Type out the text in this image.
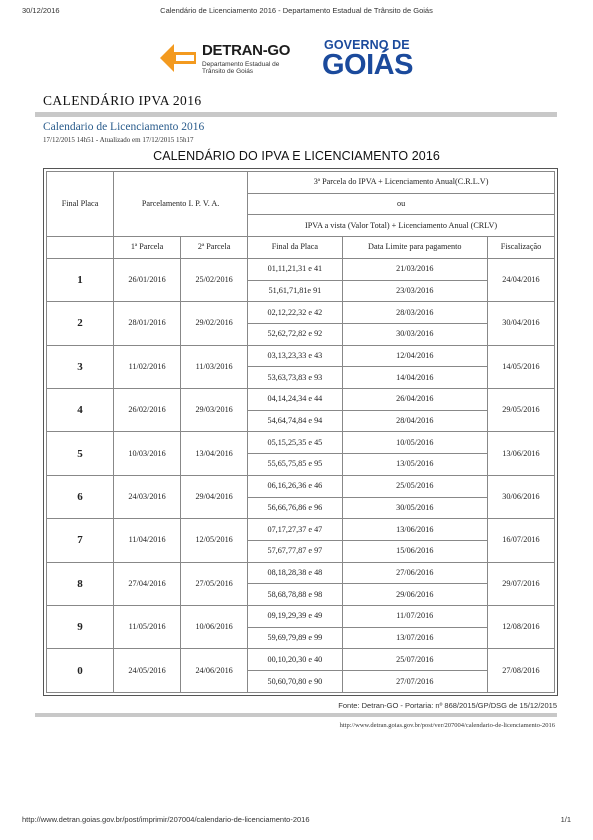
30/12/2016	Calendário de Licenciamento 2016 - Departamento Estadual de Trânsito de Goiás
DETRAN-GO
Departamento Estadual de
Trânsito de Goiás
GOVERNO DE
GOIÁS
CALENDÁRIO IPVA 2016
Calendario de Licenciamento 2016
17/12/2015 14h51 - Atualizado em 17/12/2015 15h17
CALENDÁRIO DO IPVA E LICENCIAMENTO 2016
Final Placa	Parcelamento I. P. V. A.		3ª Parcela do IPVA + Licenciamento Anual(C.R.L.V)		
			ou		
			IPVA a vista (Valor Total) + Licenciamento Anual (CRLV)		
	1ª Parcela	2ª Parcela	Final da Placa	Data Limite para pagamento	Fiscalização
1	26/01/2016	25/02/2016	01,11,21,31 e 41	21/03/2016	24/04/2016
			51,61,71,81e 91	23/03/2016	
2	28/01/2016	29/02/2016	02,12,22,32 e 42	28/03/2016	30/04/2016
			52,62,72,82 e 92	30/03/2016	
3	11/02/2016	11/03/2016	03,13,23,33 e 43	12/04/2016	14/05/2016
			53,63,73,83 e 93	14/04/2016	
4	26/02/2016	29/03/2016	04,14,24,34 e 44	26/04/2016	29/05/2016
			54,64,74,84 e 94	28/04/2016	
5	10/03/2016	13/04/2016	05,15,25,35 e 45	10/05/2016	13/06/2016
			55,65,75,85 e 95	13/05/2016	
6	24/03/2016	29/04/2016	06,16,26,36 e 46	25/05/2016	30/06/2016
			56,66,76,86 e 96	30/05/2016	
7	11/04/2016	12/05/2016	07,17,27,37 e 47	13/06/2016	16/07/2016
			57,67,77,87 e 97	15/06/2016	
8	27/04/2016	27/05/2016	08,18,28,38 e 48	27/06/2016	29/07/2016
			58,68,78,88 e 98	29/06/2016	
9	11/05/2016	10/06/2016	09,19,29,39 e 49	11/07/2016	12/08/2016
			59,69,79,89 e 99	13/07/2016	
0	24/05/2016	24/06/2016	00,10,20,30 e 40	25/07/2016	27/08/2016
			50,60,70,80 e 90	27/07/2016	
Fonte: Detran-GO - Portaria: nº 868/2015/GP/DSG de 15/12/2015
http://www.detran.goias.gov.br/post/ver/207004/calendario-de-licenciamento-2016
http://www.detran.goias.gov.br/post/imprimir/207004/calendario-de-licenciamento-2016	1/1
